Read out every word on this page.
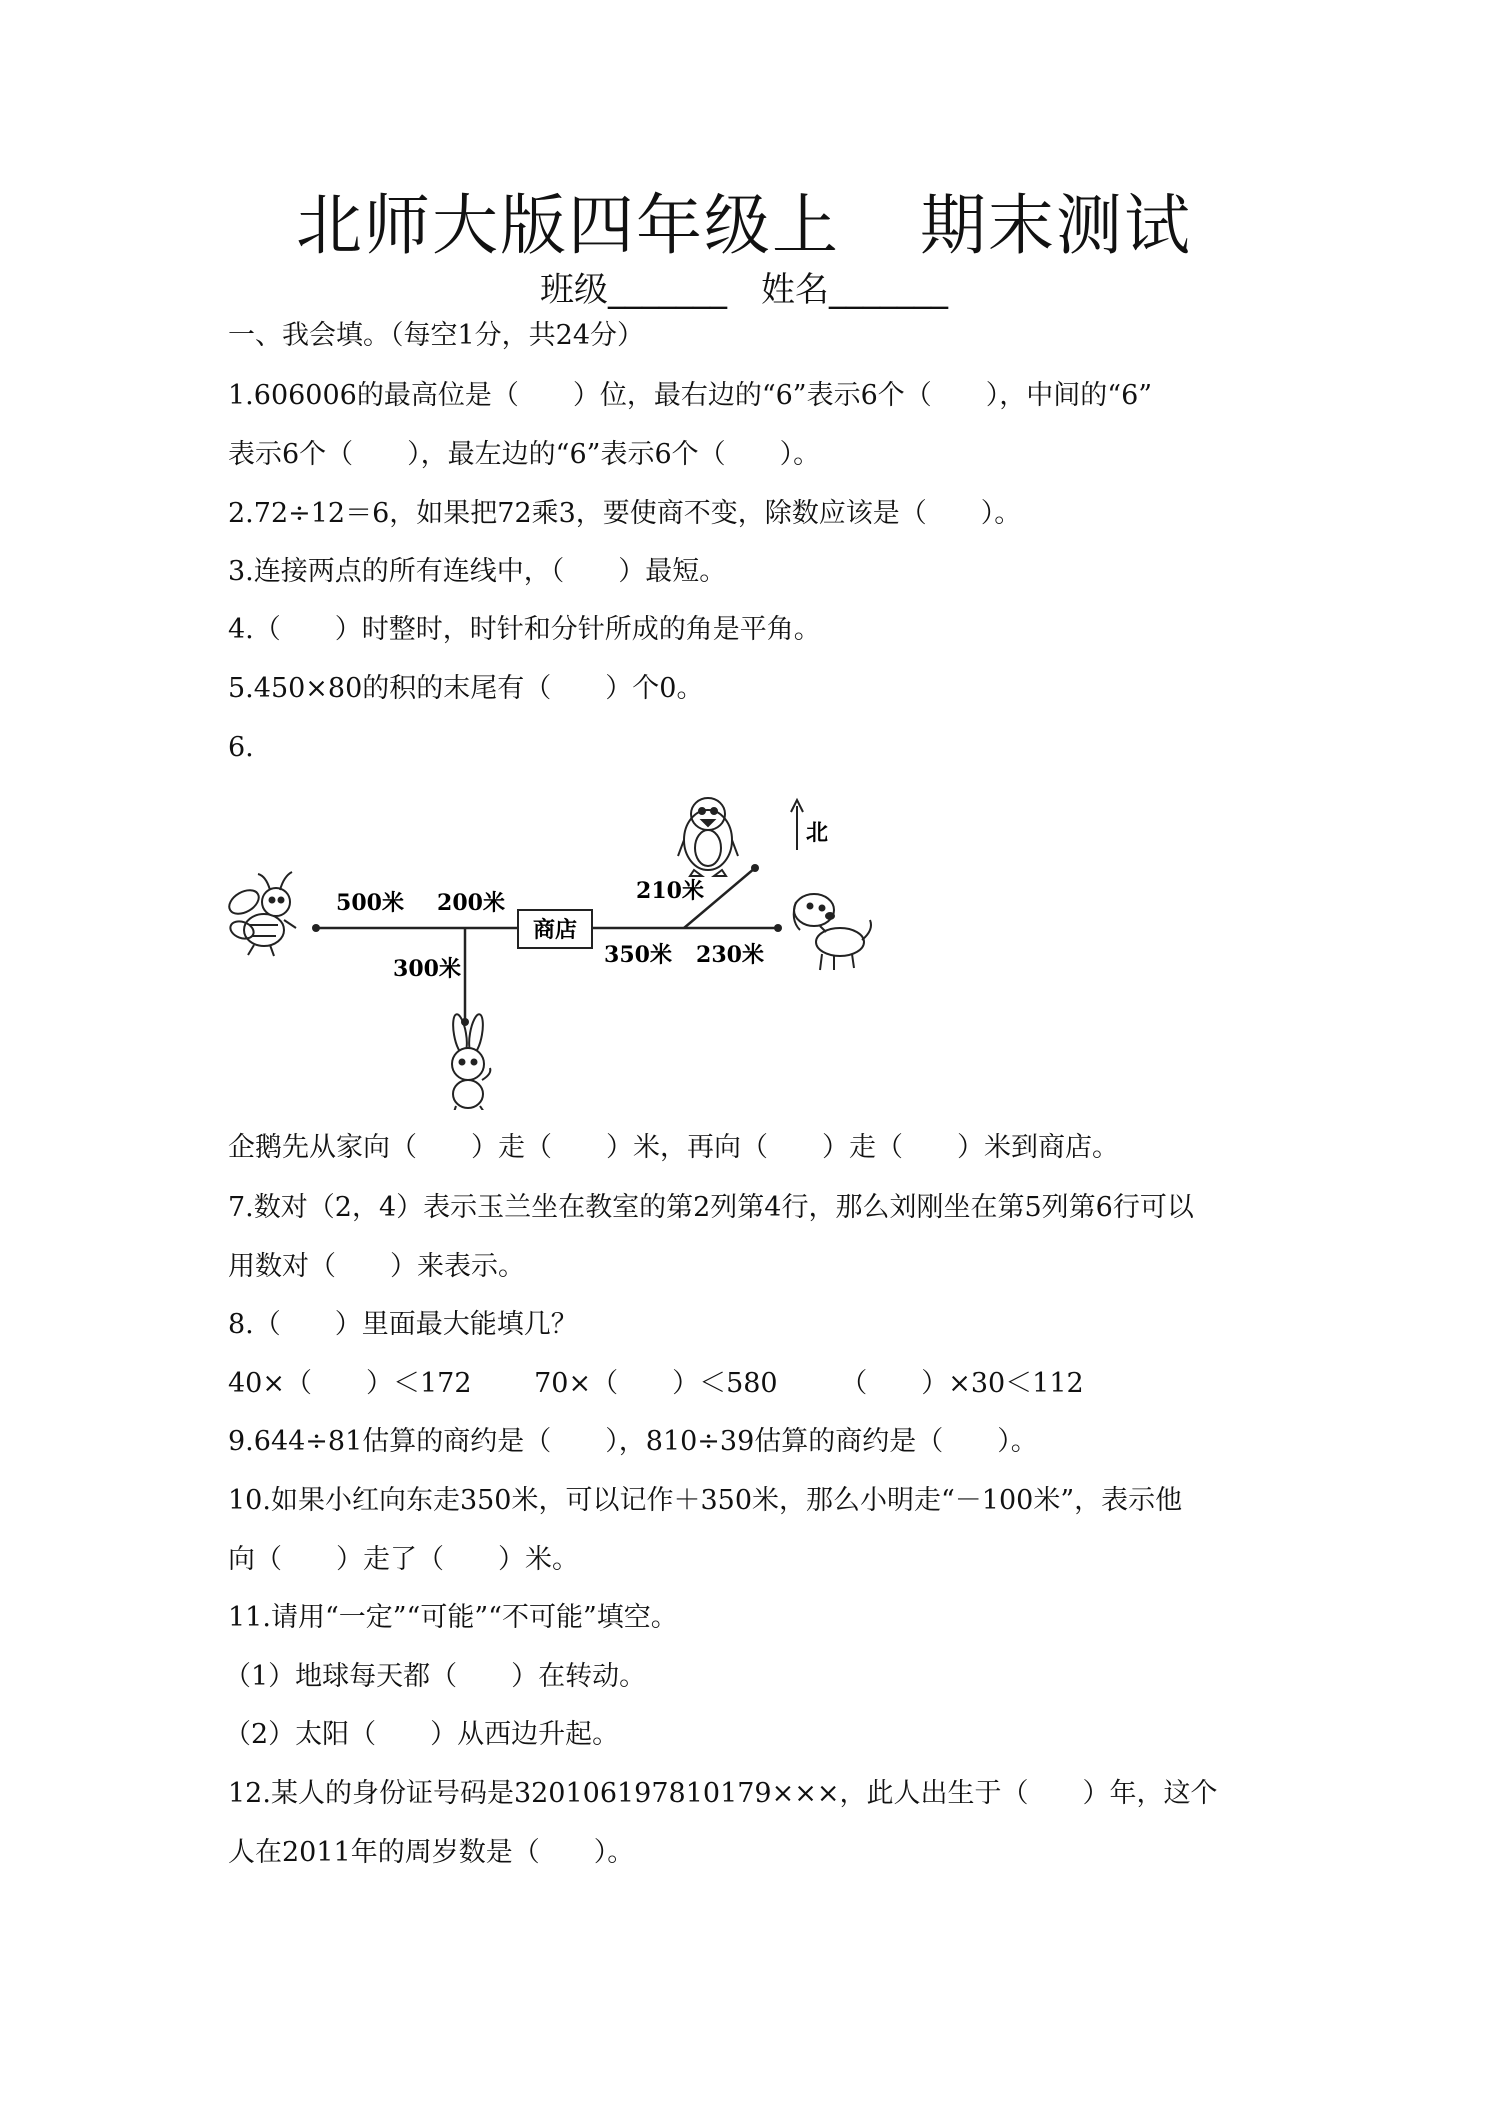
北师大版四年级上 期末测试
班级_______ 姓名_______
一、我会填。（每空1分，共24分）
1.606006的最高位是（　　）位，最右边的“6”表示6个（　　），中间的“6”
表示6个（　　），最左边的“6”表示6个（　　）。
2.72÷12＝6，如果把72乘3，要使商不变，除数应该是（　　）。
3.连接两点的所有连线中，（　　）最短。
4.（　　）时整时，时针和分针所成的角是平角。
5.450×80的积的末尾有（　　）个0。
6.
北
商店
500米 200米
300米
210米
350米 230米
企鹅先从家向（　　）走（　　）米，再向（　　）走（　　）米到商店。
7.数对（2，4）表示玉兰坐在教室的第2列第4行，那么刘刚坐在第5列第6行可以
用数对（　　）来表示。
8.（　　）里面最大能填几？
40×（　　）＜172　　 70×（　　）＜580　　 （　　）×30＜112
9.644÷81估算的商约是（　　），810÷39估算的商约是（　　）。
10.如果小红向东走350米，可以记作＋350米，那么小明走“－100米”，表示他
向（　　）走了（　　）米。
11.请用“一定”“可能”“不可能”填空。
（1）地球每天都（　　）在转动。
（2）太阳（　　）从西边升起。
12.某人的身份证号码是320106197810179×××，此人出生于（　　）年，这个
人在2011年的周岁数是（　　）。
